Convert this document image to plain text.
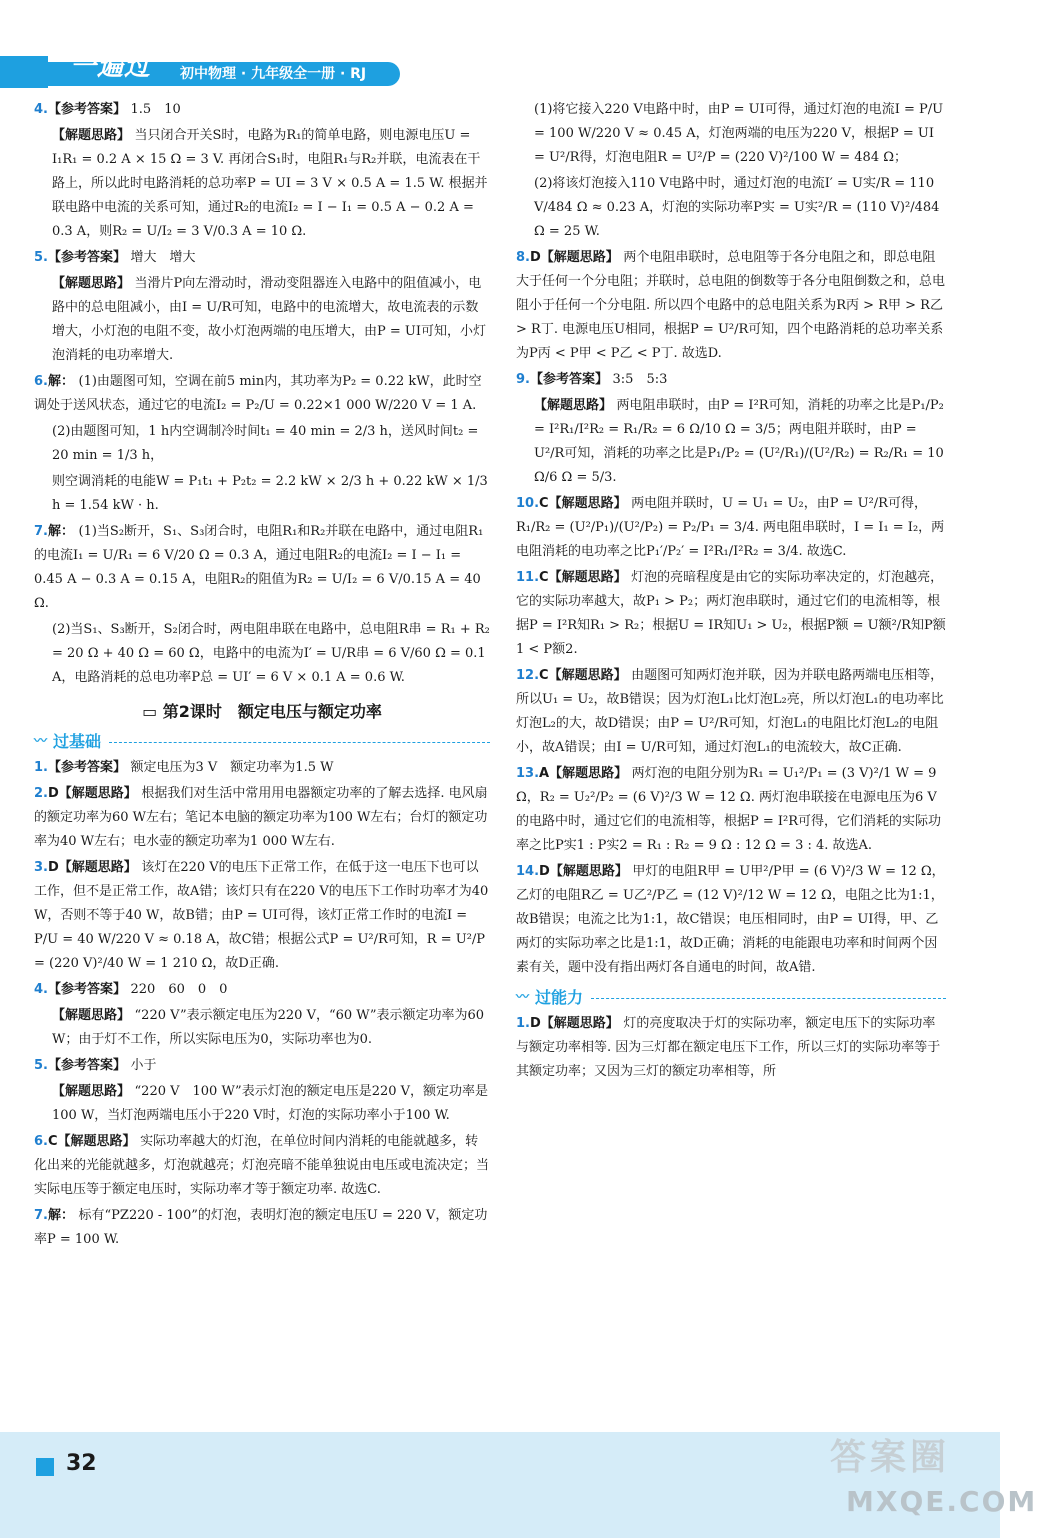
一遍过 初中物理 · 九年级全一册 · RJ

4.【参考答案】 1.5　10

【解题思路】 当只闭合开关S时，电路为R₁的简单电路，则电源电压U = I₁R₁ = 0.2 A × 15 Ω = 3 V. 再闭合S₁时，电阻R₁与R₂并联，电流表在干路上，所以此时电路消耗的总功率P = UI = 3 V × 0.5 A = 1.5 W. 根据并联电路中电流的关系可知，通过R₂的电流I₂ = I − I₁ = 0.5 A − 0.2 A = 0.3 A，则R₂ = U/I₂ = 3 V/0.3 A = 10 Ω.

5.【参考答案】 增大　增大

【解题思路】 当滑片P向左滑动时，滑动变阻器连入电路中的阻值减小，电路中的总电阻减小，由I = U/R可知，电路中的电流增大，故电流表的示数增大，小灯泡的电阻不变，故小灯泡两端的电压增大，由P = UI可知，小灯泡消耗的电功率增大.

6.解： (1)由题图可知，空调在前5 min内，其功率为P₂ = 0.22 kW，此时空调处于送风状态，通过它的电流I₂ = P₂/U = 0.22×1 000 W/220 V = 1 A.

(2)由题图可知，1 h内空调制冷时间t₁ = 40 min = 2/3 h，送风时间t₂ = 20 min = 1/3 h，

则空调消耗的电能W = P₁t₁ + P₂t₂ = 2.2 kW × 2/3 h + 0.22 kW × 1/3 h = 1.54 kW · h.

7.解： (1)当S₂断开，S₁、S₃闭合时，电阻R₁和R₂并联在电路中，通过电阻R₁的电流I₁ = U/R₁ = 6 V/20 Ω = 0.3 A，通过电阻R₂的电流I₂ = I − I₁ = 0.45 A − 0.3 A = 0.15 A，电阻R₂的阻值为R₂ = U/I₂ = 6 V/0.15 A = 40 Ω.

(2)当S₁、S₃断开，S₂闭合时，两电阻串联在电路中，总电阻R串 = R₁ + R₂ = 20 Ω + 40 Ω = 60 Ω，电路中的电流为I′ = U/R串 = 6 V/60 Ω = 0.1 A，电路消耗的总电功率P总 = UI′ = 6 V × 0.1 A = 0.6 W.

▭ 第2课时　额定电压与额定功率
〰 过基础

1.【参考答案】 额定电压为3 V　额定功率为1.5 W

2.D【解题思路】 根据我们对生活中常用用电器额定功率的了解去选择. 电风扇的额定功率为60 W左右；笔记本电脑的额定功率为100 W左右；台灯的额定功率为40 W左右；电水壶的额定功率为1 000 W左右.

3.D【解题思路】 该灯在220 V的电压下正常工作，在低于这一电压下也可以工作，但不是正常工作，故A错；该灯只有在220 V的电压下工作时功率才为40 W，否则不等于40 W，故B错；由P = UI可得，该灯正常工作时的电流I = P/U = 40 W/220 V ≈ 0.18 A，故C错；根据公式P = U²/R可知，R = U²/P = (220 V)²/40 W = 1 210 Ω，故D正确.

4.【参考答案】 220　60　0　0

【解题思路】 “220 V”表示额定电压为220 V，“60 W”表示额定功率为60 W；由于灯不工作，所以实际电压为0，实际功率也为0.

5.【参考答案】 小于

【解题思路】 “220 V　100 W”表示灯泡的额定电压是220 V，额定功率是100 W，当灯泡两端电压小于220 V时，灯泡的实际功率小于100 W.

6.C【解题思路】 实际功率越大的灯泡，在单位时间内消耗的电能就越多，转化出来的光能就越多，灯泡就越亮；灯泡亮暗不能单独说由电压或电流决定；当实际电压等于额定电压时，实际功率才等于额定功率. 故选C.

7.解： 标有“PZ220 - 100”的灯泡，表明灯泡的额定电压U = 220 V，额定功率P = 100 W.

(1)将它接入220 V电路中时，由P = UI可得，通过灯泡的电流I = P/U = 100 W/220 V ≈ 0.45 A，灯泡两端的电压为220 V，根据P = UI = U²/R得，灯泡电阻R = U²/P = (220 V)²/100 W = 484 Ω；

(2)将该灯泡接入110 V电路中时，通过灯泡的电流I′ = U实/R = 110 V/484 Ω ≈ 0.23 A，灯泡的实际功率P实 = U实²/R = (110 V)²/484 Ω = 25 W.

8.D【解题思路】 两个电阻串联时，总电阻等于各分电阻之和，即总电阻大于任何一个分电阻；并联时，总电阻的倒数等于各分电阻倒数之和，总电阻小于任何一个分电阻. 所以四个电路中的总电阻关系为R丙 > R甲 > R乙 > R丁. 电源电压U相同，根据P = U²/R可知，四个电路消耗的总功率关系为P丙 < P甲 < P乙 < P丁. 故选D.

9.【参考答案】 3:5　5:3

【解题思路】 两电阻串联时，由P = I²R可知，消耗的功率之比是P₁/P₂ = I²R₁/I²R₂ = R₁/R₂ = 6 Ω/10 Ω = 3/5；两电阻并联时，由P = U²/R可知，消耗的功率之比是P₁/P₂ = (U²/R₁)/(U²/R₂) = R₂/R₁ = 10 Ω/6 Ω = 5/3.

10.C【解题思路】 两电阻并联时，U = U₁ = U₂，由P = U²/R可得，R₁/R₂ = (U²/P₁)/(U²/P₂) = P₂/P₁ = 3/4. 两电阻串联时，I = I₁ = I₂，两电阻消耗的电功率之比P₁′/P₂′ = I²R₁/I²R₂ = 3/4. 故选C.

11.C【解题思路】 灯泡的亮暗程度是由它的实际功率决定的，灯泡越亮，它的实际功率越大，故P₁ > P₂；两灯泡串联时，通过它们的电流相等，根据P = I²R知R₁ > R₂；根据U = IR知U₁ > U₂，根据P额 = U额²/R知P额1 < P额2.

12.C【解题思路】 由题图可知两灯泡并联，因为并联电路两端电压相等，所以U₁ = U₂，故B错误；因为灯泡L₁比灯泡L₂亮，所以灯泡L₁的电功率比灯泡L₂的大，故D错误；由P = U²/R可知，灯泡L₁的电阻比灯泡L₂的电阻小，故A错误；由I = U/R可知，通过灯泡L₁的电流较大，故C正确.

13.A【解题思路】 两灯泡的电阻分别为R₁ = U₁²/P₁ = (3 V)²/1 W = 9 Ω，R₂ = U₂²/P₂ = (6 V)²/3 W = 12 Ω. 两灯泡串联接在电源电压为6 V的电路中时，通过它们的电流相等，根据P = I²R可得，它们消耗的实际功率之比P实1 : P实2 = R₁ : R₂ = 9 Ω : 12 Ω = 3 : 4. 故选A.

14.D【解题思路】 甲灯的电阻R甲 = U甲²/P甲 = (6 V)²/3 W = 12 Ω，乙灯的电阻R乙 = U乙²/P乙 = (12 V)²/12 W = 12 Ω，电阻之比为1:1，故B错误；电流之比为1:1，故C错误；电压相同时，由P = UI得，甲、乙两灯的实际功率之比是1:1，故D正确；消耗的电能跟电功率和时间两个因素有关，题中没有指出两灯各自通电的时间，故A错.

〰 过能力

1.D【解题思路】 灯的亮度取决于灯的实际功率，额定电压下的实际功率与额定功率相等. 因为三灯都在额定电压下工作，所以三灯的实际功率等于其额定功率；又因为三灯的额定功率相等，所

32	答案圈
MXQE.COM
